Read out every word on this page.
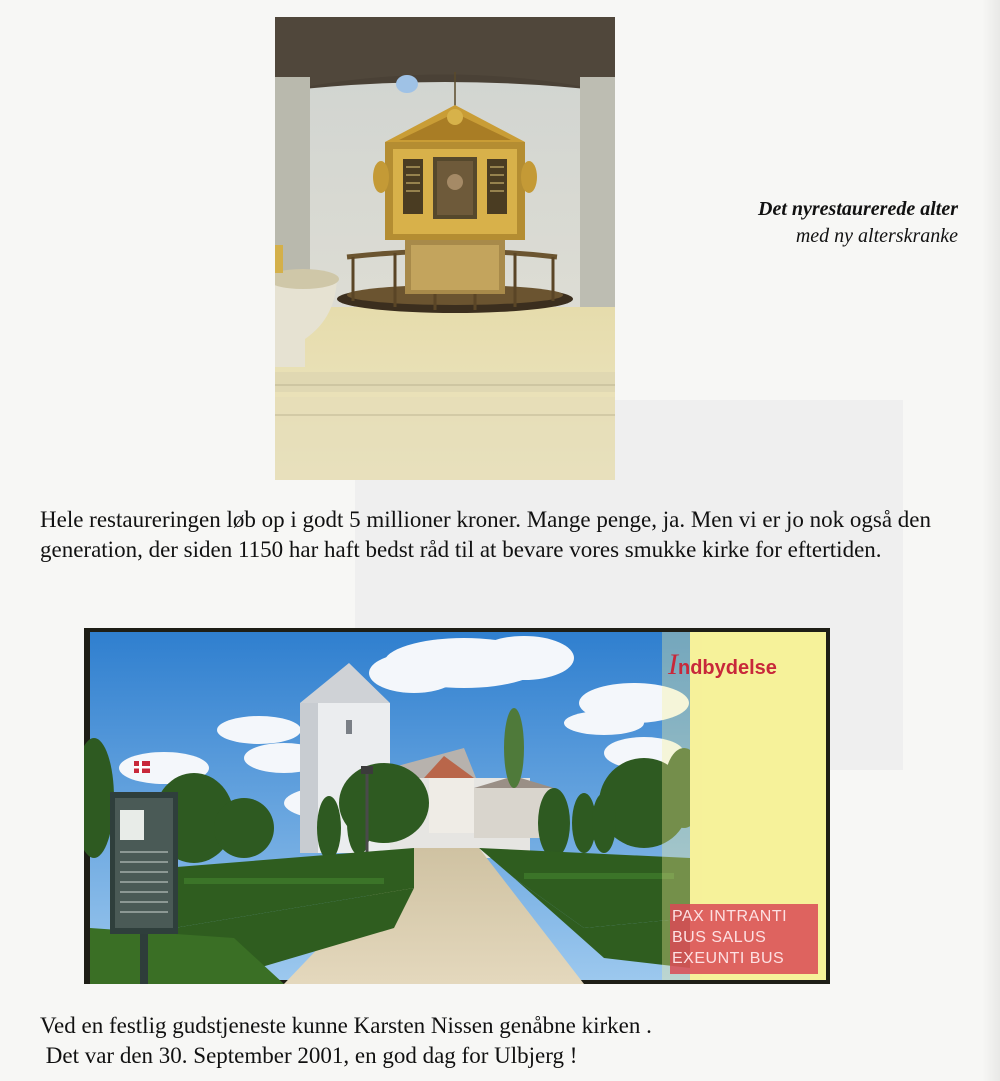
Det nyrestaurerede alter
med ny alterskranke

Hele restaureringen løb op i godt 5 millioner kroner. Mange penge, ja. Men vi er jo nok også den generation, der siden 1150 har haft bedst råd til at bevare vores smukke kirke for eftertiden.

Indbydelse
PAX INTRANTI
BUS SALUS
EXEUNTI BUS
Ved en festlig gudstjeneste kunne Karsten Nissen genåbne kirken .
Det var den 30. September 2001, en god dag for Ulbjerg !
